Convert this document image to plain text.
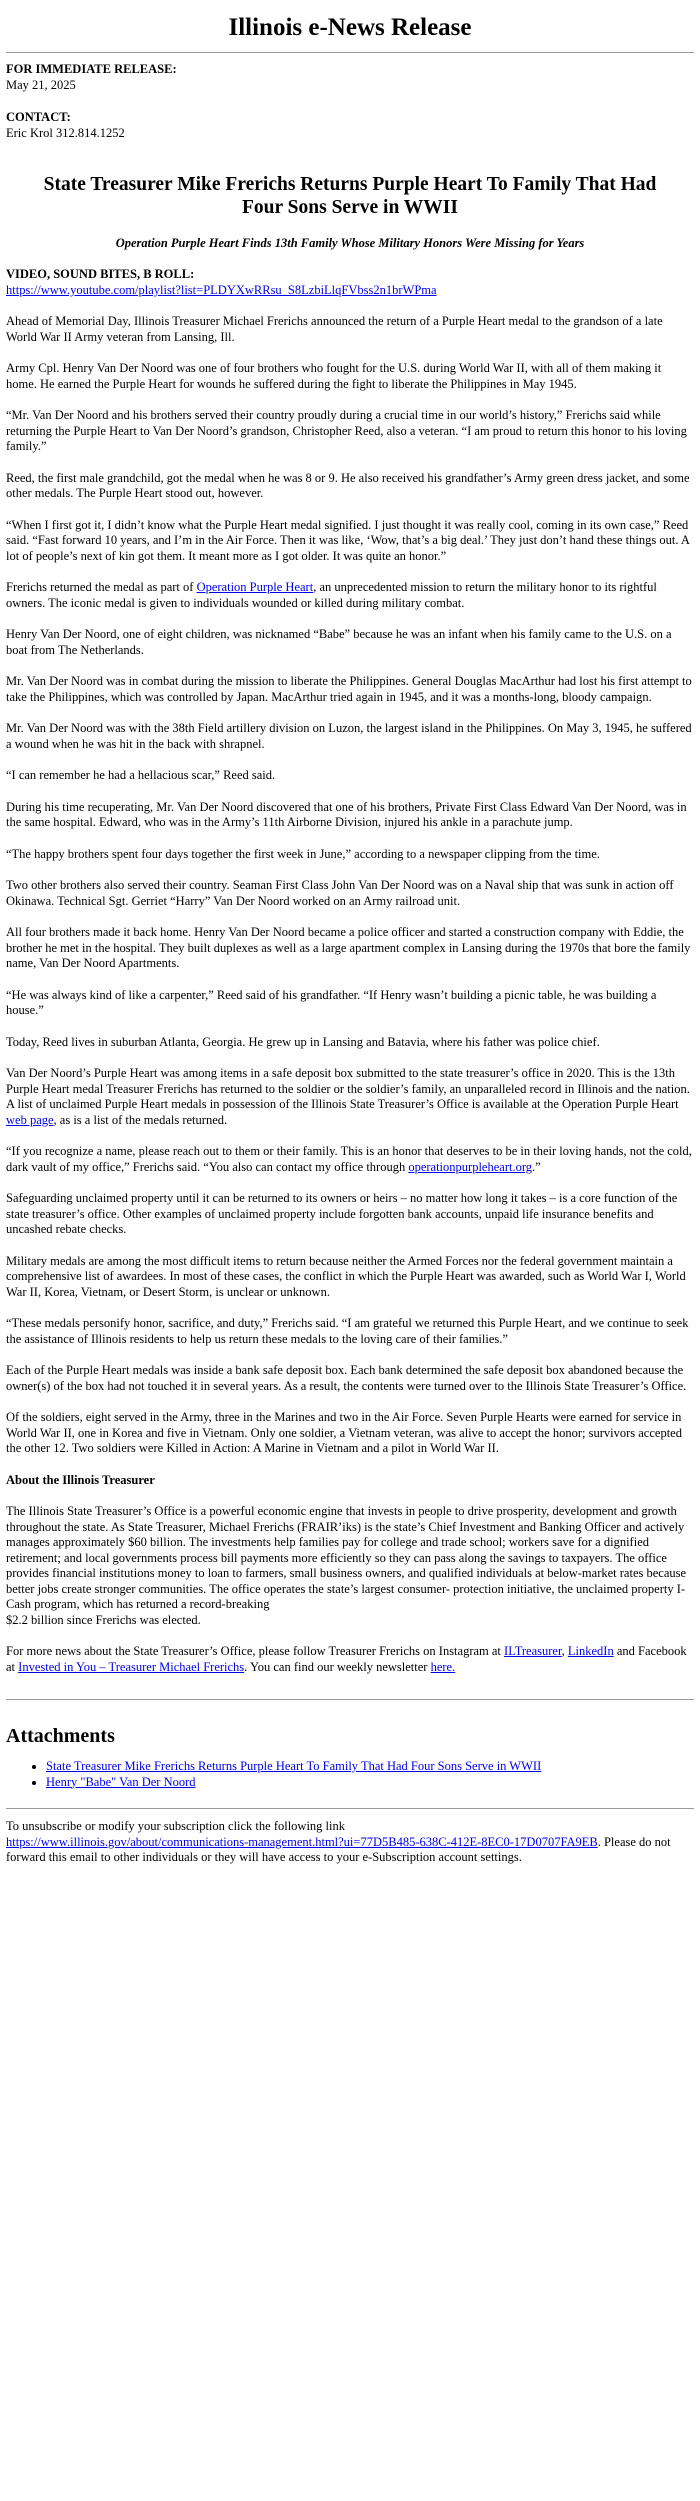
Illinois e-News Release
FOR IMMEDIATE RELEASE:
May 21, 2025
CONTACT:
Eric Krol 312.814.1252
State Treasurer Mike Frerichs Returns Purple Heart To Family That Had Four Sons Serve in WWII
Operation Purple Heart Finds 13th Family Whose Military Honors Were Missing for Years

VIDEO, SOUND BITES, B ROLL:
https://www.youtube.com/playlist?list=PLDYXwRRsu_S8LzbiLlqFVbss2n1brWPma

Ahead of Memorial Day, Illinois Treasurer Michael Frerichs announced the return of a Purple Heart medal to the grandson of a late World War II Army veteran from Lansing, Ill.

Army Cpl. Henry Van Der Noord was one of four brothers who fought for the U.S. during World War II, with all of them making it home. He earned the Purple Heart for wounds he suffered during the fight to liberate the Philippines in May 1945.

“Mr. Van Der Noord and his brothers served their country proudly during a crucial time in our world’s history,” Frerichs said while returning the Purple Heart to Van Der Noord’s grandson, Christopher Reed, also a veteran. “I am proud to return this honor to his loving family.”

Reed, the first male grandchild, got the medal when he was 8 or 9. He also received his grandfather’s Army green dress jacket, and some other medals. The Purple Heart stood out, however.

“When I first got it, I didn’t know what the Purple Heart medal signified. I just thought it was really cool, coming in its own case,” Reed said. “Fast forward 10 years, and I’m in the Air Force. Then it was like, ‘Wow, that’s a big deal.’ They just don’t hand these things out. A lot of people’s next of kin got them. It meant more as I got older. It was quite an honor.”

Frerichs returned the medal as part of Operation Purple Heart, an unprecedented mission to return the military honor to its rightful owners. The iconic medal is given to individuals wounded or killed during military combat.

Henry Van Der Noord, one of eight children, was nicknamed “Babe” because he was an infant when his family came to the U.S. on a boat from The Netherlands.

Mr. Van Der Noord was in combat during the mission to liberate the Philippines. General Douglas MacArthur had lost his first attempt to take the Philippines, which was controlled by Japan. MacArthur tried again in 1945, and it was a months-long, bloody campaign.

Mr. Van Der Noord was with the 38th Field artillery division on Luzon, the largest island in the Philippines. On May 3, 1945, he suffered a wound when he was hit in the back with shrapnel.

“I can remember he had a hellacious scar,” Reed said.

During his time recuperating, Mr. Van Der Noord discovered that one of his brothers, Private First Class Edward Van Der Noord, was in the same hospital. Edward, who was in the Army’s 11th Airborne Division, injured his ankle in a parachute jump.

“The happy brothers spent four days together the first week in June,” according to a newspaper clipping from the time.

Two other brothers also served their country. Seaman First Class John Van Der Noord was on a Naval ship that was sunk in action off Okinawa. Technical Sgt. Gerriet “Harry” Van Der Noord worked on an Army railroad unit.

All four brothers made it back home. Henry Van Der Noord became a police officer and started a construction company with Eddie, the brother he met in the hospital. They built duplexes as well as a large apartment complex in Lansing during the 1970s that bore the family name, Van Der Noord Apartments.

“He was always kind of like a carpenter,” Reed said of his grandfather. “If Henry wasn’t building a picnic table, he was building a house.”

Today, Reed lives in suburban Atlanta, Georgia. He grew up in Lansing and Batavia, where his father was police chief.

Van Der Noord’s Purple Heart was among items in a safe deposit box submitted to the state treasurer’s office in 2020. This is the 13th Purple Heart medal Treasurer Frerichs has returned to the soldier or the soldier’s family, an unparalleled record in Illinois and the nation. A list of unclaimed Purple Heart medals in possession of the Illinois State Treasurer’s Office is available at the Operation Purple Heart web page, as is a list of the medals returned.

“If you recognize a name, please reach out to them or their family. This is an honor that deserves to be in their loving hands, not the cold, dark vault of my office,” Frerichs said. “You also can contact my office through operationpurpleheart.org.”

Safeguarding unclaimed property until it can be returned to its owners or heirs – no matter how long it takes – is a core function of the state treasurer’s office. Other examples of unclaimed property include forgotten bank accounts, unpaid life insurance benefits and uncashed rebate checks.

Military medals are among the most difficult items to return because neither the Armed Forces nor the federal government maintain a comprehensive list of awardees. In most of these cases, the conflict in which the Purple Heart was awarded, such as World War I, World War II, Korea, Vietnam, or Desert Storm, is unclear or unknown.

“These medals personify honor, sacrifice, and duty,” Frerichs said. “I am grateful we returned this Purple Heart, and we continue to seek the assistance of Illinois residents to help us return these medals to the loving care of their families.”

Each of the Purple Heart medals was inside a bank safe deposit box. Each bank determined the safe deposit box abandoned because the owner(s) of the box had not touched it in several years. As a result, the contents were turned over to the Illinois State Treasurer’s Office.

Of the soldiers, eight served in the Army, three in the Marines and two in the Air Force. Seven Purple Hearts were earned for service in World War II, one in Korea and five in Vietnam. Only one soldier, a Vietnam veteran, was alive to accept the honor; survivors accepted the other 12. Two soldiers were Killed in Action: A Marine in Vietnam and a pilot in World War II.

About the Illinois Treasurer

The Illinois State Treasurer’s Office is a powerful economic engine that invests in people to drive prosperity, development and growth throughout the state. As State Treasurer, Michael Frerichs (FRAIR’iks) is the state’s Chief Investment and Banking Officer and actively manages approximately $60 billion. The investments help families pay for college and trade school; workers save for a dignified retirement; and local governments process bill payments more efficiently so they can pass along the savings to taxpayers. The office provides financial institutions money to loan to farmers, small business owners, and qualified individuals at below-market rates because better jobs create stronger communities. The office operates the state’s largest consumer- protection initiative, the unclaimed property I-Cash program, which has returned a record-breaking
$2.2 billion since Frerichs was elected.

For more news about the State Treasurer’s Office, please follow Treasurer Frerichs on Instagram at ILTreasurer, LinkedIn and Facebook at Invested in You – Treasurer Michael Frerichs. You can find our weekly newsletter here.

Attachments
• State Treasurer Mike Frerichs Returns Purple Heart To Family That Had Four Sons Serve in WWII
• Henry "Babe" Van Der Noord
To unsubscribe or modify your subscription click the following link
https://www.illinois.gov/about/communications-management.html?ui=77D5B485-638C-412E-8EC0-17D0707FA9EB. Please do not forward this email to other individuals or they will have access to your e-Subscription account settings.
